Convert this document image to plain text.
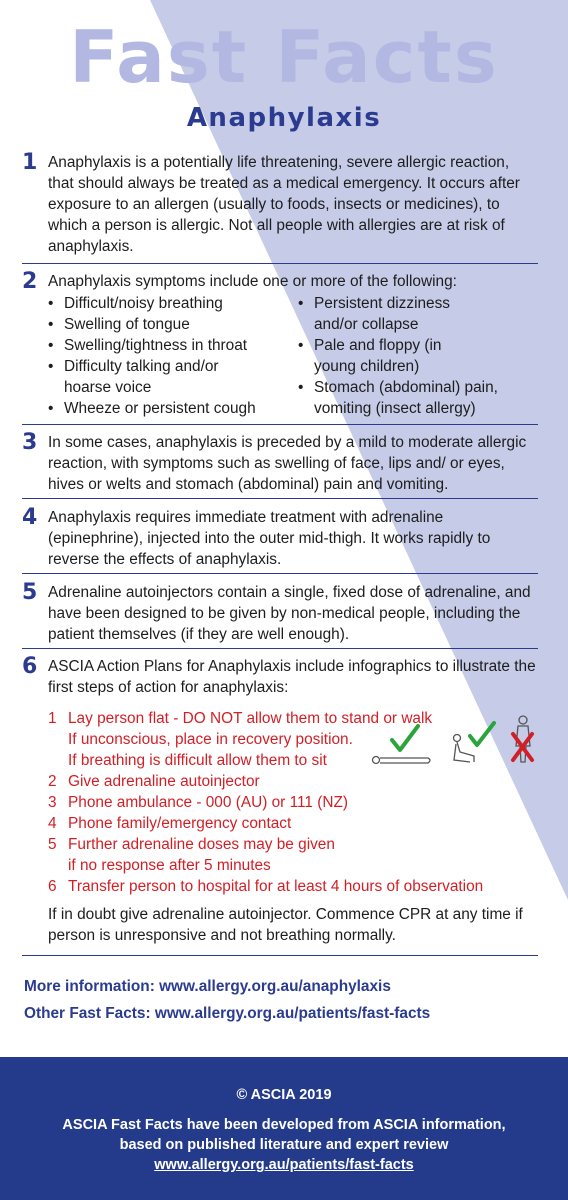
Fast Facts
Anaphylaxis
1 Anaphylaxis is a potentially life threatening, severe allergic reaction, that should always be treated as a medical emergency. It occurs after exposure to an allergen (usually to foods, insects or medicines), to which a person is allergic. Not all people with allergies are at risk of anaphylaxis.
2 Anaphylaxis symptoms include one or more of the following:
• Difficult/noisy breathing
• Swelling of tongue
• Swelling/tightness in throat
• Difficulty talking and/or hoarse voice
• Wheeze or persistent cough
• Persistent dizziness and/or collapse
• Pale and floppy (in young children)
• Stomach (abdominal) pain, vomiting (insect allergy)
3 In some cases, anaphylaxis is preceded by a mild to moderate allergic reaction, with symptoms such as swelling of face, lips and/ or eyes, hives or welts and stomach (abdominal) pain and vomiting.
4 Anaphylaxis requires immediate treatment with adrenaline (epinephrine), injected into the outer mid-thigh. It works rapidly to reverse the effects of anaphylaxis.
5 Adrenaline autoinjectors contain a single, fixed dose of adrenaline, and have been designed to be given by non-medical people, including the patient themselves (if they are well enough).
6 ASCIA Action Plans for Anaphylaxis include infographics to illustrate the first steps of action for anaphylaxis:
1 Lay person flat - DO NOT allow them to stand or walk
If unconscious, place in recovery position.
If breathing is difficult allow them to sit
2 Give adrenaline autoinjector
3 Phone ambulance - 000 (AU) or 111 (NZ)
4 Phone family/emergency contact
5 Further adrenaline doses may be given
if no response after 5 minutes
6 Transfer person to hospital for at least 4 hours of observation
If in doubt give adrenaline autoinjector. Commence CPR at any time if person is unresponsive and not breathing normally.
More information: www.allergy.org.au/anaphylaxis
Other Fast Facts: www.allergy.org.au/patients/fast-facts
© ASCIA 2019
ASCIA Fast Facts have been developed from ASCIA information,
based on published literature and expert review
www.allergy.org.au/patients/fast-facts
